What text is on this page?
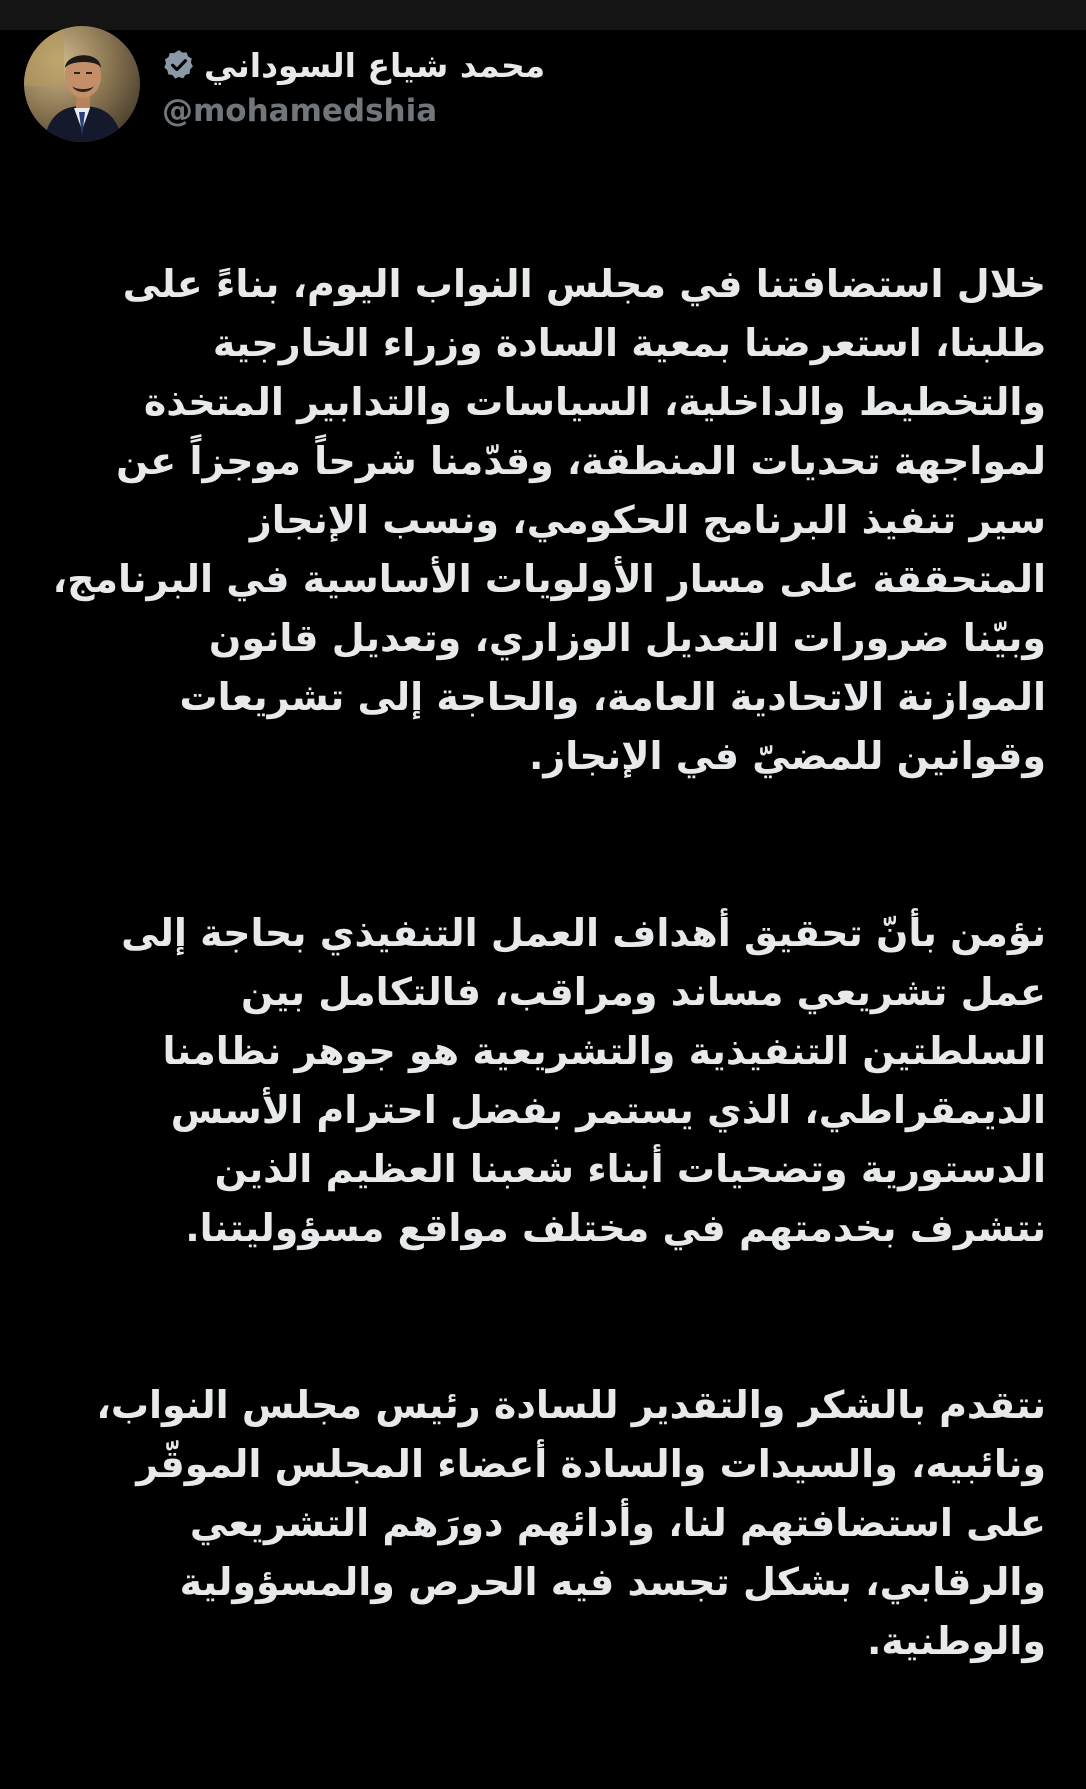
محمد شياع السوداني
@mohamedshia

خلال استضافتنا في مجلس النواب اليوم، بناءً على
طلبنا، استعرضنا بمعية السادة وزراء الخارجية
والتخطيط والداخلية، السياسات والتدابير المتخذة
لمواجهة تحديات المنطقة، وقدّمنا شرحاً موجزاً عن
سير تنفيذ البرنامج الحكومي، ونسب الإنجاز
المتحققة على مسار الأولويات الأساسية في البرنامج،
وبيّنا ضرورات التعديل الوزاري، وتعديل قانون
الموازنة الاتحادية العامة، والحاجة إلى تشريعات
وقوانين للمضيّ في الإنجاز.

نؤمن بأنّ تحقيق أهداف العمل التنفيذي بحاجة إلى
عمل تشريعي مساند ومراقب، فالتكامل بين
السلطتين التنفيذية والتشريعية هو جوهر نظامنا
الديمقراطي، الذي يستمر بفضل احترام الأسس
الدستورية وتضحيات أبناء شعبنا العظيم الذين
نتشرف بخدمتهم في مختلف مواقع مسؤوليتنا.

نتقدم بالشكر والتقدير للسادة رئيس مجلس النواب،
ونائبيه، والسيدات والسادة أعضاء المجلس الموقّر
على استضافتهم لنا، وأدائهم دورَهم التشريعي
والرقابي، بشكل تجسد فيه الحرص والمسؤولية
والوطنية.
